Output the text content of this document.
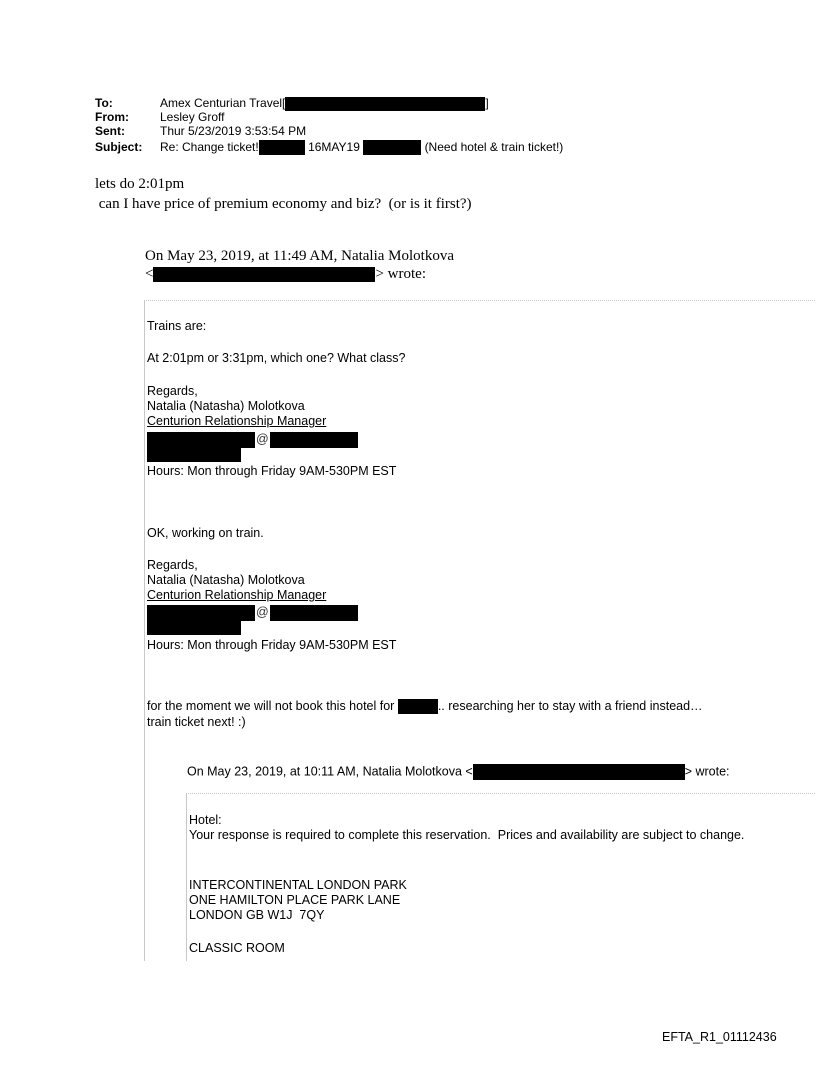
To:	Amex Centurian Travel[	]
From:	Lesley Groff
Sent:	Thur 5/23/2019 3:53:54 PM
Subject: Re: Change ticket!	16MAY19	(Need hotel & train ticket!)
lets do 2:01pm
can I have price of premium economy and biz?  (or is it first?)
On May 23, 2019, at 11:49 AM, Natalia Molotkova
<	> wrote:
Trains are:
At 2:01pm or 3:31pm, which one? What class?
Regards,
Natalia (Natasha) Molotkova
Centurion Relationship Manager
@
Hours: Mon through Friday 9AM-530PM EST
OK, working on train.
Regards,
Natalia (Natasha) Molotkova
Centurion Relationship Manager
@
Hours: Mon through Friday 9AM-530PM EST
for the moment we will not book this hotel for	.. researching her to stay with a friend instead…
train ticket next! :)
On May 23, 2019, at 10:11 AM, Natalia Molotkova <	> wrote:
Hotel:
Your response is required to complete this reservation.  Prices and availability are subject to change.
INTERCONTINENTAL LONDON PARK
ONE HAMILTON PLACE PARK LANE
LONDON GB W1J  7QY
CLASSIC ROOM
EFTA_R1_01112436
